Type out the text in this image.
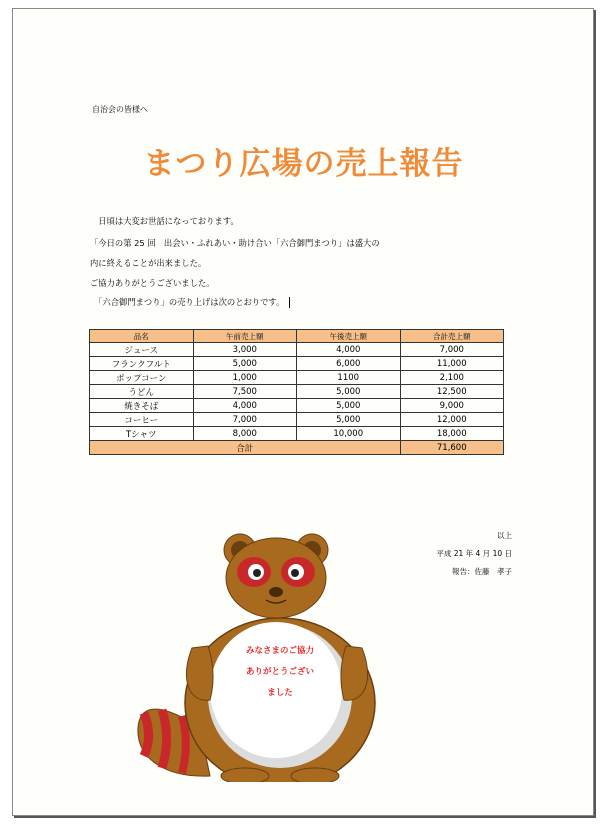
自治会の皆様へ
まつり広場の売上報告
　日頃は大変お世話になっております。
「今日の第 25 回　出会い・ふれあい・助け合い「六合御門まつり」は盛大の
内に終えることが出来ました。
ご協力ありがとうございました。
　「六合御門まつり」の売り上げは次のとおりです。
品名	午前売上額	午後売上額	合計売上額
ジュース	3,000	4,000	7,000
フランクフルト	5,000	6,000	11,000
ポップコーン	1,000	1100	2,100
うどん	7,500	5,000	12,500
焼きそば	4,000	5,000	9,000
コーヒー	7,000	5,000	12,000
Tシャツ	8,000	10,000	18,000
合計			71,600
以上
平成 21 年 4 月 10 日
報告：佐藤　孝子
みなさまのご協力
ありがとうござい
ました
